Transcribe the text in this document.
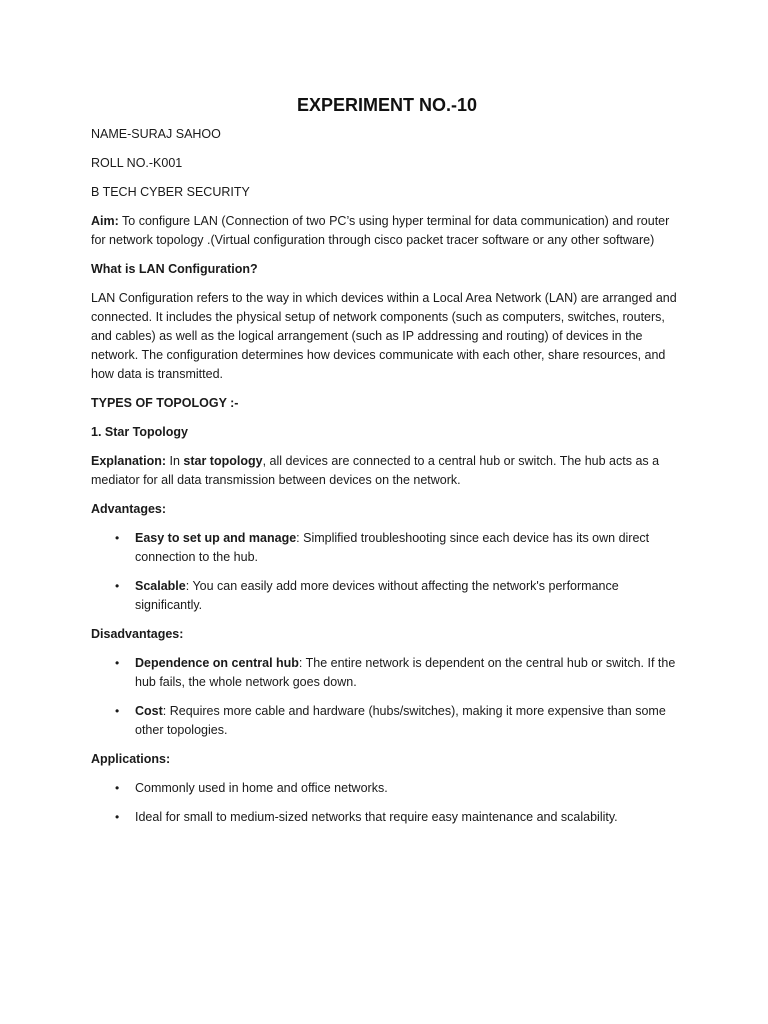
EXPERIMENT NO.-10
NAME-SURAJ SAHOO
ROLL NO.-K001
B TECH CYBER SECURITY
Aim: To configure LAN (Connection of two PC’s using hyper terminal for data communication) and router for network topology .(Virtual configuration through cisco packet tracer software or any other software)
What is LAN Configuration?
LAN Configuration refers to the way in which devices within a Local Area Network (LAN) are arranged and connected. It includes the physical setup of network components (such as computers, switches, routers, and cables) as well as the logical arrangement (such as IP addressing and routing) of devices in the network. The configuration determines how devices communicate with each other, share resources, and how data is transmitted.
TYPES OF TOPOLOGY :-
1. Star Topology
Explanation: In star topology, all devices are connected to a central hub or switch. The hub acts as a mediator for all data transmission between devices on the network.
Advantages:
• Easy to set up and manage: Simplified troubleshooting since each device has its own direct connection to the hub.
• Scalable: You can easily add more devices without affecting the network's performance significantly.
Disadvantages:
• Dependence on central hub: The entire network is dependent on the central hub or switch. If the hub fails, the whole network goes down.
• Cost: Requires more cable and hardware (hubs/switches), making it more expensive than some other topologies.
Applications:
• Commonly used in home and office networks.
• Ideal for small to medium-sized networks that require easy maintenance and scalability.
